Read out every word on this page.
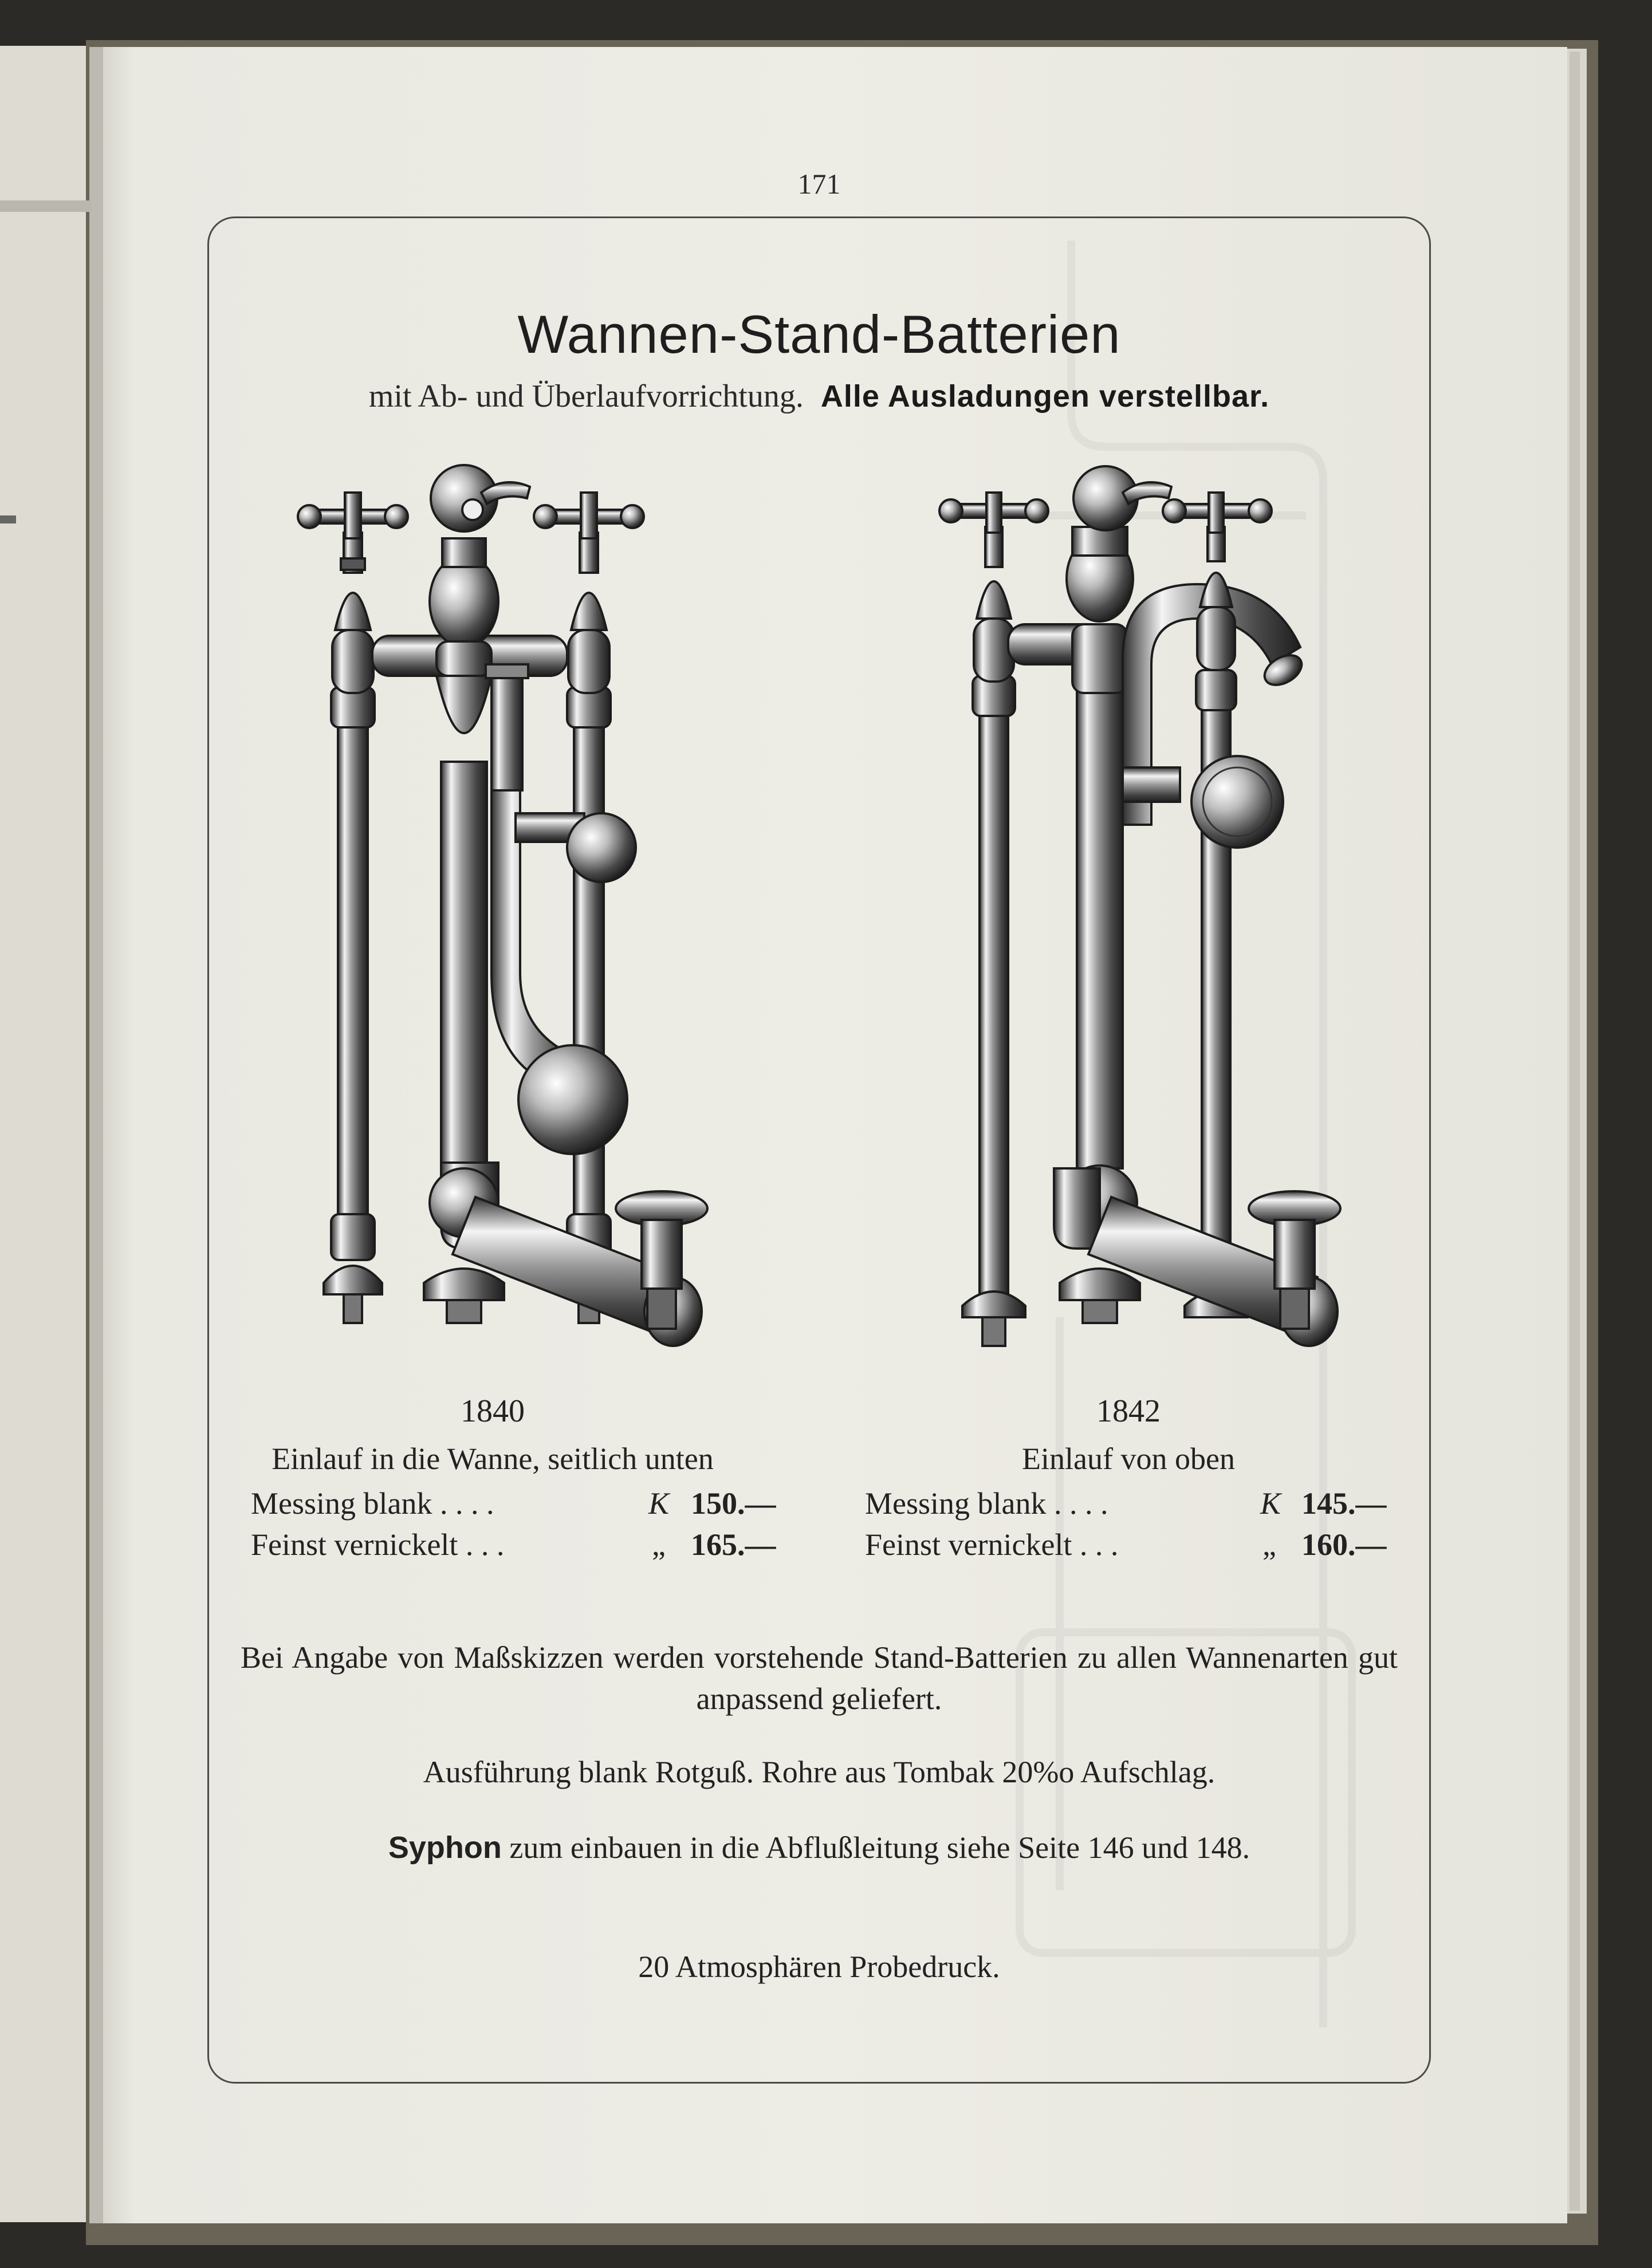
171
Wannen-Stand-Batterien
mit Ab- und Überlaufvorrichtung. Alle Ausladungen verstellbar.
1840
Einlauf in die Wanne, seitlich unten
Messing blank . . . .	K 150.—
Feinst vernickelt . . .	„ 165.—
1842
Einlauf von oben
Messing blank . . . .	K 145.—
Feinst vernickelt . . .	„ 160.—
Bei Angabe von Maßskizzen werden vorstehende Stand-Batterien zu allen Wannenarten gut anpassend geliefert.
Ausführung blank Rotguß. Rohre aus Tombak 20%o Aufschlag.
Syphon zum einbauen in die Abflußleitung siehe Seite 146 und 148.
20 Atmosphären Probedruck.
